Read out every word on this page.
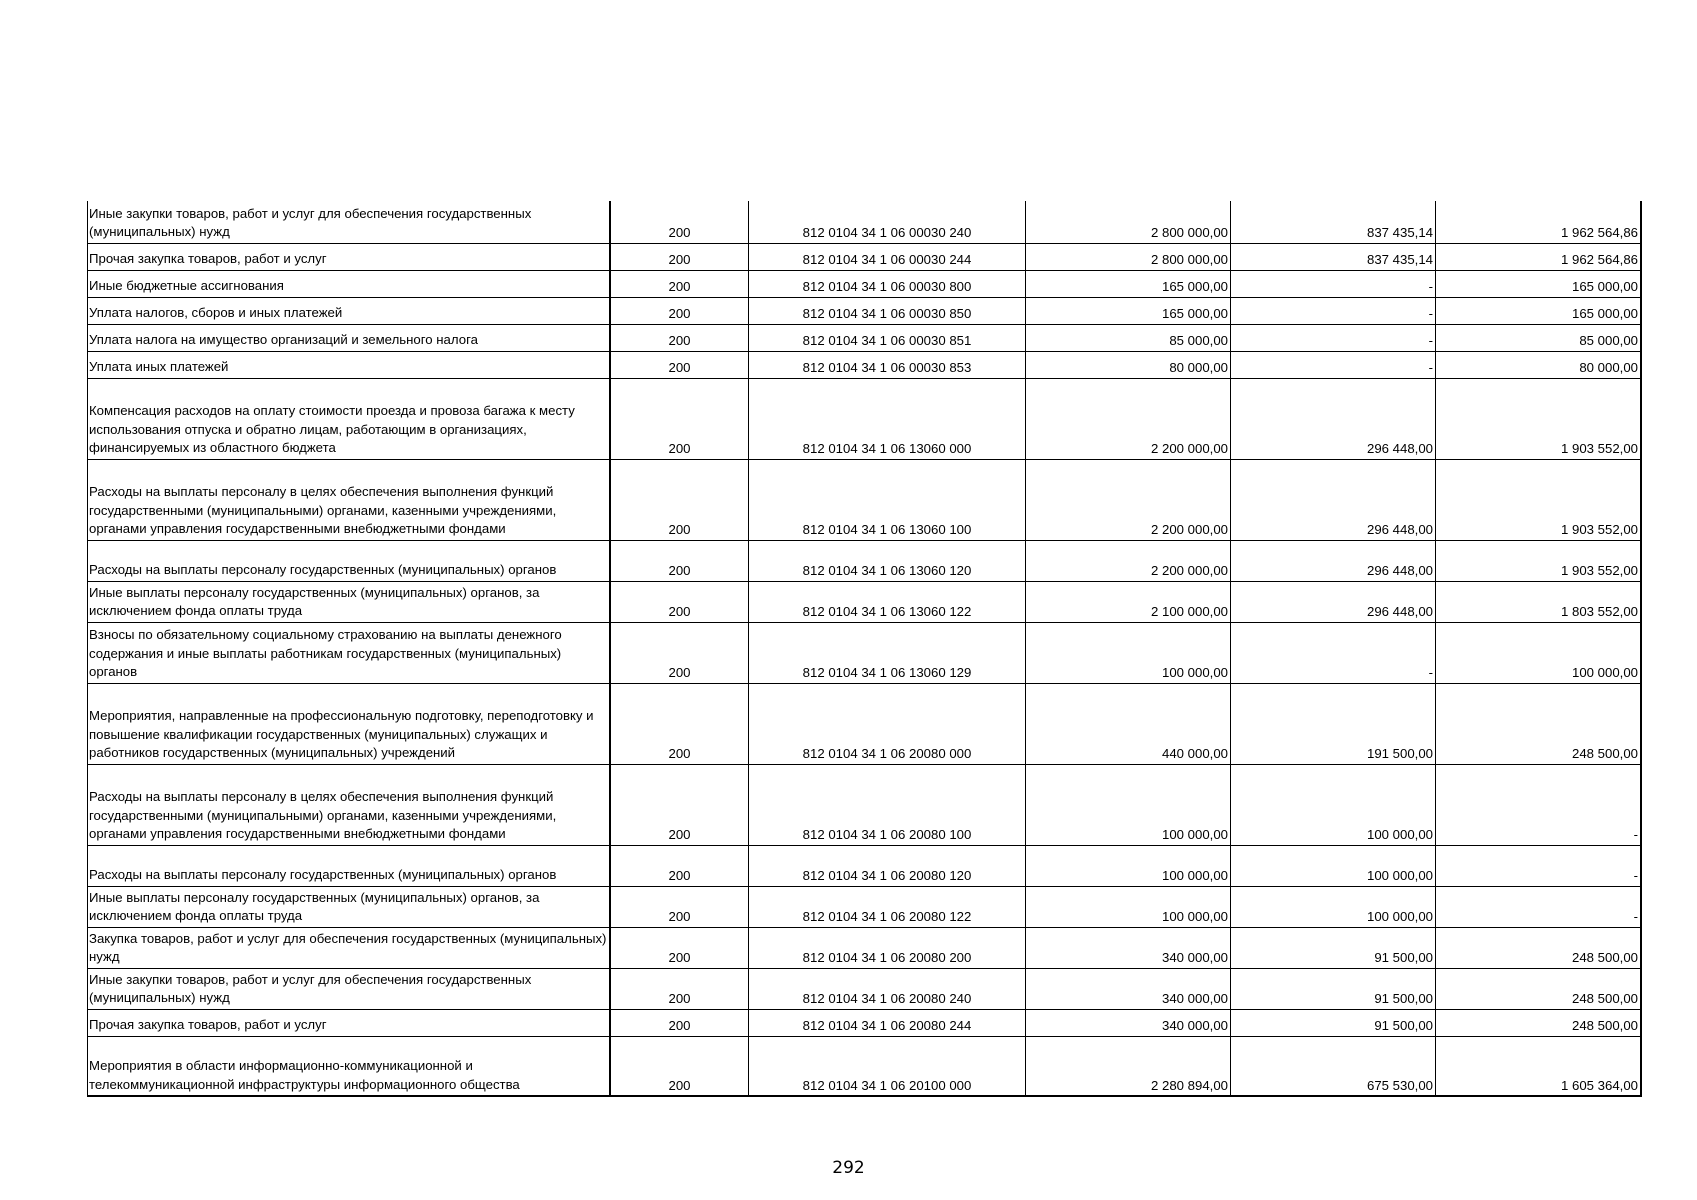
Иные закупки товаров, работ и услуг для обеспечения государственных (муниципальных) нужд	200	812 0104 34 1 06 00030 240	2 800 000,00	837 435,14	1 962 564,86

Прочая закупка товаров, работ и услуг	200	812 0104 34 1 06 00030 244	2 800 000,00	837 435,14	1 962 564,86

Иные бюджетные ассигнования	200	812 0104 34 1 06 00030 800	165 000,00	-	165 000,00

Уплата налогов, сборов и иных платежей	200	812 0104 34 1 06 00030 850	165 000,00	-	165 000,00

Уплата налога на имущество организаций и земельного налога	200	812 0104 34 1 06 00030 851	85 000,00	-	85 000,00

Уплата иных платежей	200	812 0104 34 1 06 00030 853	80 000,00	-	80 000,00

Компенсация расходов на оплату стоимости проезда и провоза багажа к месту использования отпуска и обратно лицам, работающим в организациях, финансируемых из областного бюджета	200	812 0104 34 1 06 13060 000	2 200 000,00	296 448,00	1 903 552,00

Расходы на выплаты персоналу в целях обеспечения выполнения функций государственными (муниципальными) органами, казенными учреждениями, органами управления государственными внебюджетными фондами	200	812 0104 34 1 06 13060 100	2 200 000,00	296 448,00	1 903 552,00

Расходы на выплаты персоналу государственных (муниципальных) органов	200	812 0104 34 1 06 13060 120	2 200 000,00	296 448,00	1 903 552,00

Иные выплаты персоналу государственных (муниципальных) органов, за исключением фонда оплаты труда	200	812 0104 34 1 06 13060 122	2 100 000,00	296 448,00	1 803 552,00

Взносы по обязательному социальному страхованию на выплаты денежного содержания и иные выплаты работникам государственных (муниципальных) органов	200	812 0104 34 1 06 13060 129	100 000,00	-	100 000,00

Мероприятия, направленные на профессиональную подготовку, переподготовку и повышение квалификации государственных (муниципальных) служащих и работников государственных (муниципальных) учреждений	200	812 0104 34 1 06 20080 000	440 000,00	191 500,00	248 500,00

Расходы на выплаты персоналу в целях обеспечения выполнения функций государственными (муниципальными) органами, казенными учреждениями, органами управления государственными внебюджетными фондами	200	812 0104 34 1 06 20080 100	100 000,00	100 000,00	-

Расходы на выплаты персоналу государственных (муниципальных) органов	200	812 0104 34 1 06 20080 120	100 000,00	100 000,00	-

Иные выплаты персоналу государственных (муниципальных) органов, за исключением фонда оплаты труда	200	812 0104 34 1 06 20080 122	100 000,00	100 000,00	-

Закупка товаров, работ и услуг для обеспечения государственных (муниципальных) нужд	200	812 0104 34 1 06 20080 200	340 000,00	91 500,00	248 500,00

Иные закупки товаров, работ и услуг для обеспечения государственных (муниципальных) нужд	200	812 0104 34 1 06 20080 240	340 000,00	91 500,00	248 500,00

Прочая закупка товаров, работ и услуг	200	812 0104 34 1 06 20080 244	340 000,00	91 500,00	248 500,00

Мероприятия в области информационно-коммуникационной и телекоммуникационной инфраструктуры информационного общества	200	812 0104 34 1 06 20100 000	2 280 894,00	675 530,00	1 605 364,00
292
